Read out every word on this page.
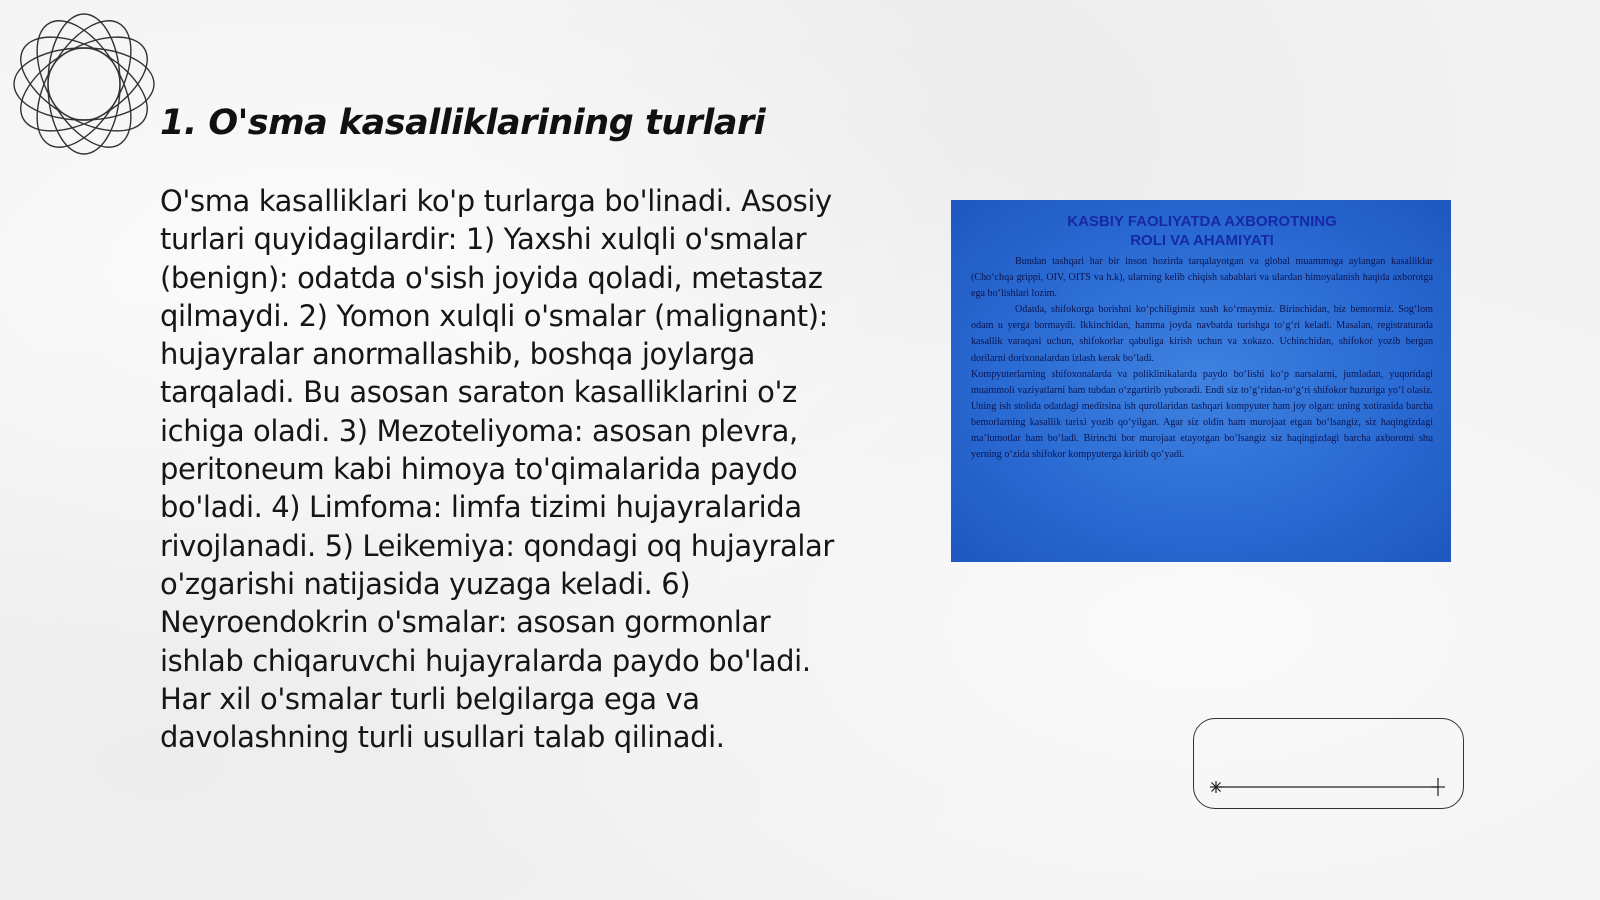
1. O'sma kasalliklarining turlari

O'sma kasalliklari ko'p turlarga bo'linadi. Asosiy turlari quyidagilardir: 1) Yaxshi xulqli o'smalar (benign): odatda o'sish joyida qoladi, metastaz qilmaydi. 2) Yomon xulqli o'smalar (malignant): hujayralar anormallashib, boshqa joylarga tarqaladi. Bu asosan saraton kasalliklarini o'z ichiga oladi. 3) Mezoteliyoma: asosan plevra, peritoneum kabi himoya to'qimalarida paydo bo'ladi. 4) Limfoma: limfa tizimi hujayralarida rivojlanadi. 5) Leikemiya: qondagi oq hujayralar o'zgarishi natijasida yuzaga keladi. 6) Neyroendokrin o'smalar: asosan gormonlar ishlab chiqaruvchi hujayralarda paydo bo'ladi. Har xil o'smalar turli belgilarga ega va davolashning turli usullari talab qilinadi.

KASBIY FAOLIYATDA AXBOROTNING
ROLI VA AHAMIYATI

Bundan tashqari har bir inson hozirda tarqalayotgan va global muammoga aylangan kasalliklar (Cho‘chqa grippi, OIV, OITS va h.k), ularning kelib chiqish sabablari va ulardan himoyalanish haqida axborotga ega bo‘lishlari lozim.

Odatda, shifokorga borishni ko‘pchiligimiz xush ko‘rmaymiz. Birinchidan, biz bemormiz. Sog‘lom odam u yerga bormaydi. Ikkinchidan, hamma joyda navbatda turishga to‘g‘ri keladi. Masalan, registraturada kasallik varaqasi uchun, shifokorlar qabuliga kirish uchun va xokazo. Uchinchidan, shifokor yozib bergan dorilarni dorixonalardan izlash kerak bo‘ladi.

Kompyuterlarning shifoxonalarda va poliklinikalarda paydo bo‘lishi ko‘p narsalarni, jumladan, yuqoridagi muammoli vaziyatlarni ham tubdan o‘zgartirib yuboradi. Endi siz to‘g‘ridan-to‘g‘ri shifokor huzuriga yo‘l olasiz. Uning ish stolida odatdagi meditsina ish qurollaridan tashqari kompyuter ham joy olgan: uning xotirasida barcha bemorlarning kasallik tarixi yozib qo‘yilgan. Agar siz oldin ham murojaat etgan bo‘lsangiz, siz haqingizdagi ma’lumotlar ham bo‘ladi. Birinchi bor murojaat etayotgan bo‘lsangiz siz haqingizdagi barcha axborotni shu yerning o‘zida shifokor kompyuterga kiritib qo‘yadi.
